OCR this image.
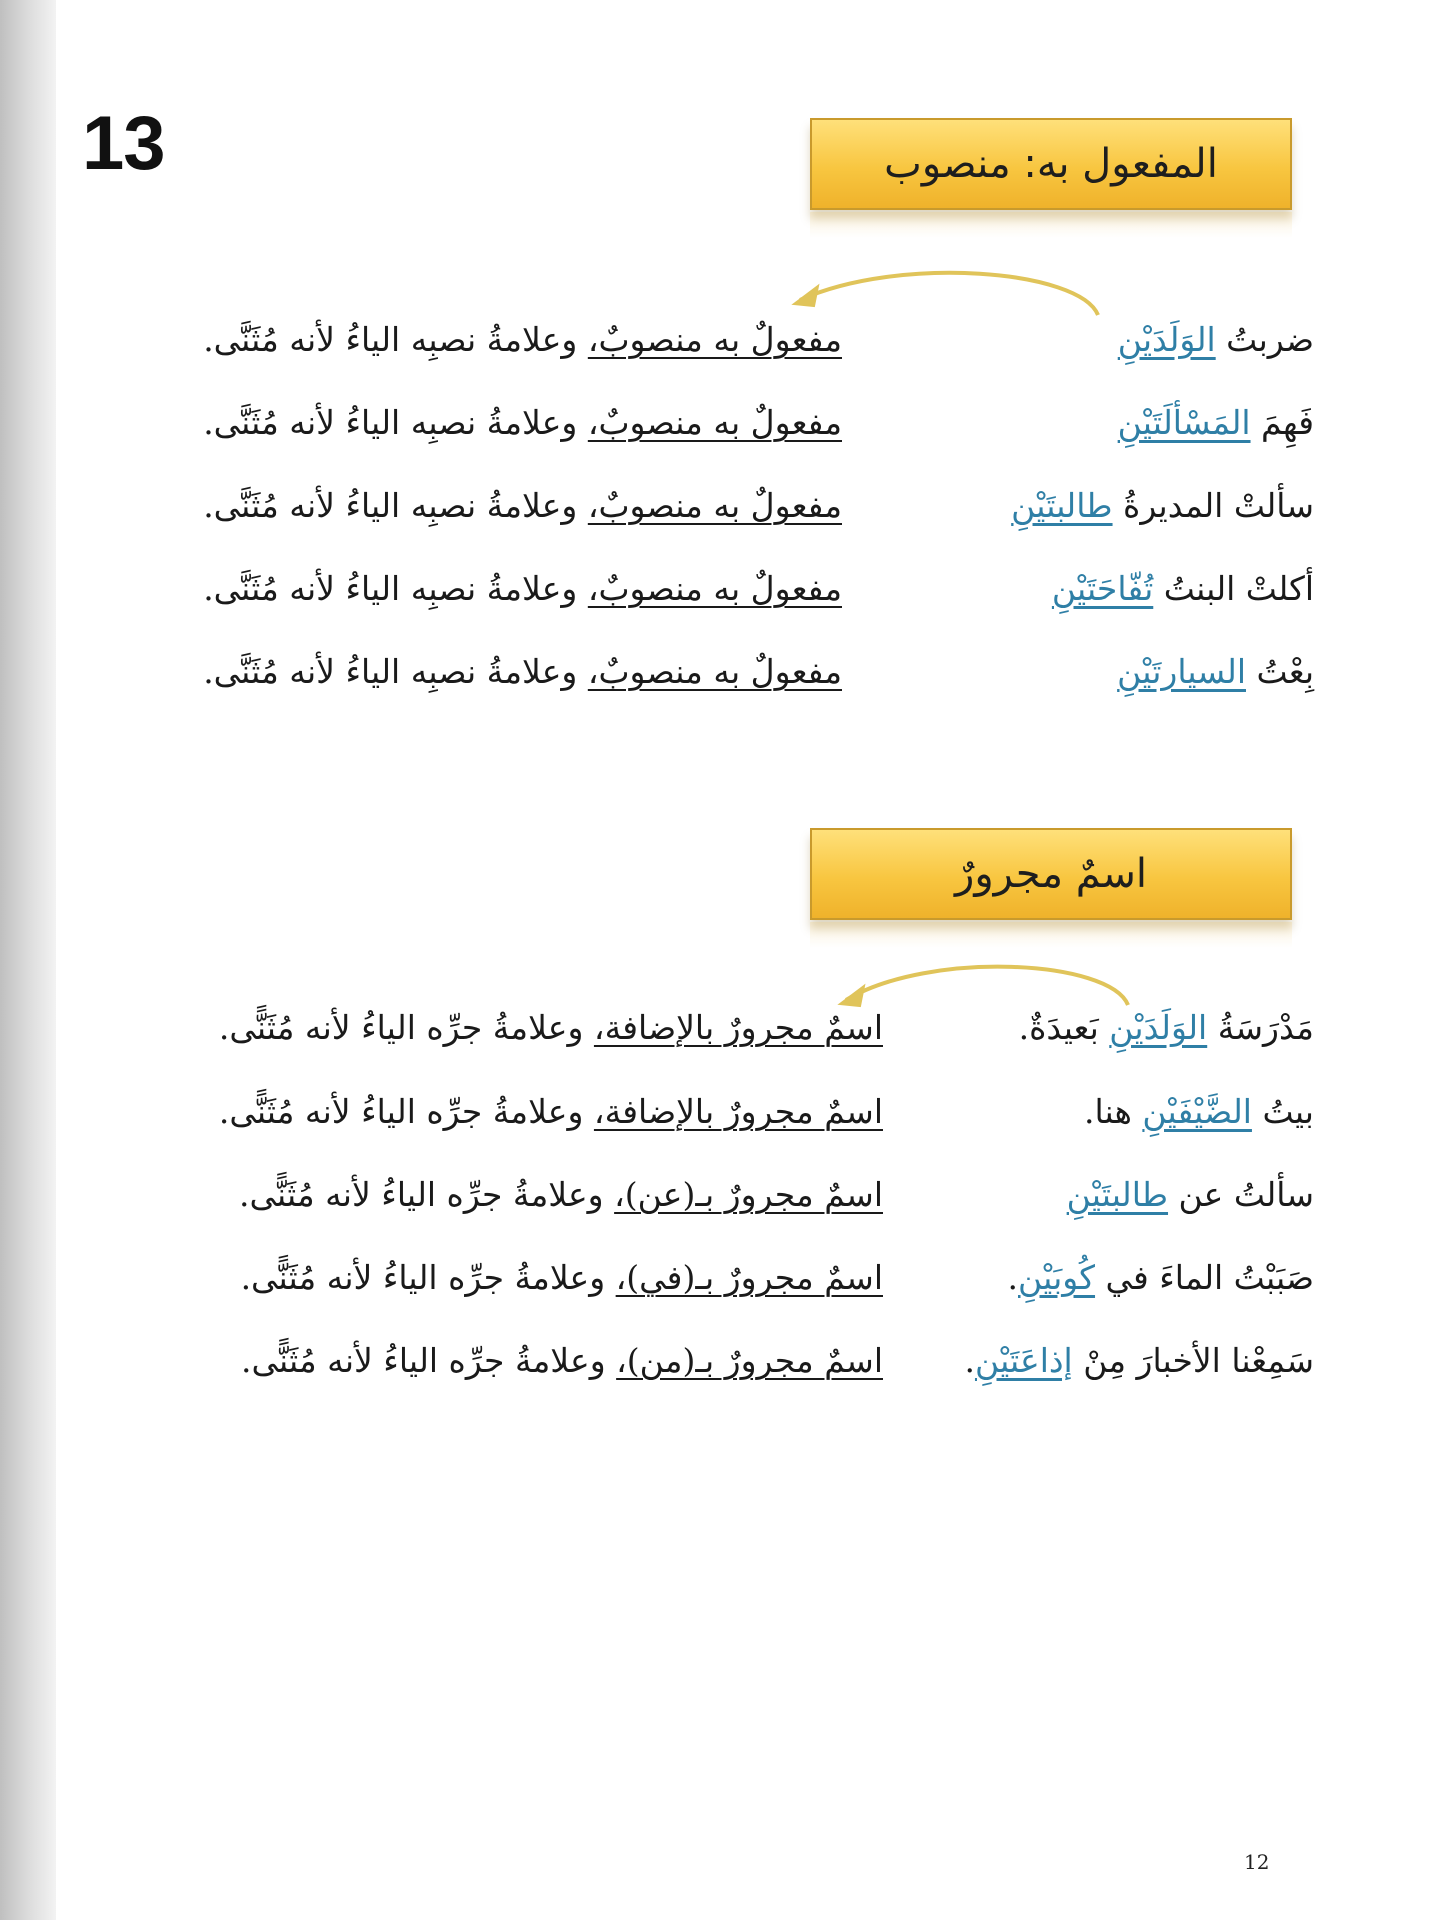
13	المفعول به: منصوب
اسمٌ مجرورٌ
ضربتُ الوَلَدَيْنِ
مفعولٌ به منصوبٌ، وعلامةُ نصبِه الياءُ لأنه مُثَنَّى.
فَهِمَ المَسْألَتَيْنِ
مفعولٌ به منصوبٌ، وعلامةُ نصبِه الياءُ لأنه مُثَنَّى.
سألتْ المديرةُ طالبتَيْنِ
مفعولٌ به منصوبٌ، وعلامةُ نصبِه الياءُ لأنه مُثَنَّى.
أكلتْ البنتُ تُفّاحَتَيْنِ
مفعولٌ به منصوبٌ، وعلامةُ نصبِه الياءُ لأنه مُثَنَّى.
بِعْتُ السيارتَيْنِ
مفعولٌ به منصوبٌ، وعلامةُ نصبِه الياءُ لأنه مُثَنَّى.
مَدْرَسَةُ الوَلَدَيْنِ بَعيدَةٌ.
اسمٌ مجرورٌ بالإضافة، وعلامةُ جرِّه الياءُ لأنه مُثَنًّى.
بيتُ الضَّيْفَيْنِ هنا.
اسمٌ مجرورٌ بالإضافة، وعلامةُ جرِّه الياءُ لأنه مُثَنًّى.
سألتُ عن طالبتَيْنِ
اسمٌ مجرورٌ بـ(عن)، وعلامةُ جرِّه الياءُ لأنه مُثَنًّى.
صَبَبْتُ الماءَ في كُوبَيْنِ.
اسمٌ مجرورٌ بـ(في)، وعلامةُ جرِّه الياءُ لأنه مُثَنًّى.
سَمِعْنا الأخبارَ مِنْ إذاعَتَيْنِ.
اسمٌ مجرورٌ بـ(من)، وعلامةُ جرِّه الياءُ لأنه مُثَنًّى.
12
